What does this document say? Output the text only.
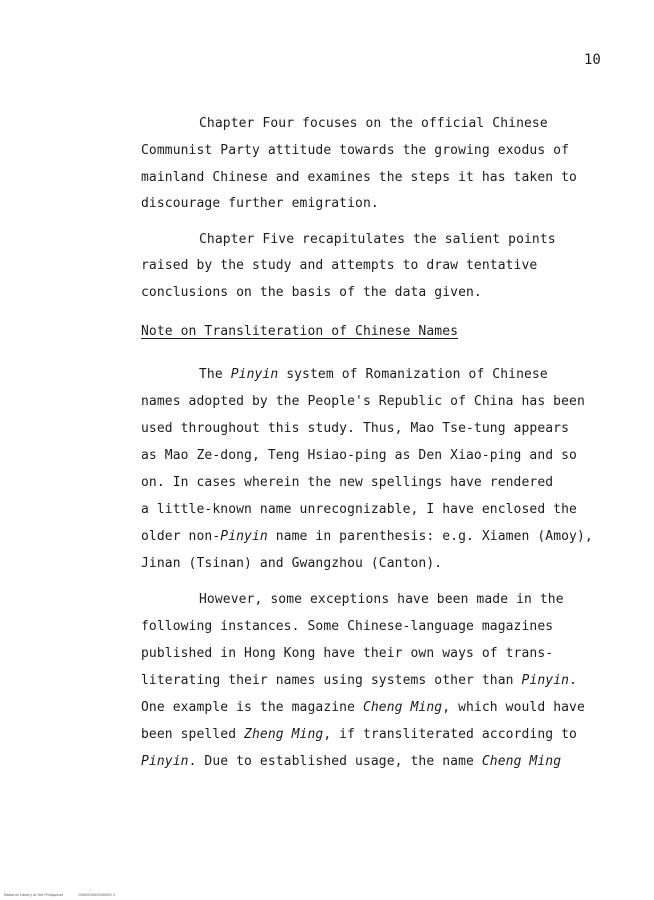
10
Chapter Four focuses on the official Chinese
Communist Party attitude towards the growing exodus of
mainland Chinese and examines the steps it has taken to
discourage further emigration.
Chapter Five recapitulates the salient points
raised by the study and attempts to draw tentative
conclusions on the basis of the data given.
Note on Transliteration of Chinese Names
The Pinyin system of Romanization of Chinese
names adopted by the People's Republic of China has been
used throughout this study. Thus, Mao Tse-tung appears
as Mao Ze-dong, Teng Hsiao-ping as Den Xiao-ping and so
on. In cases wherein the new spellings have rendered
a little-known name unrecognizable, I have enclosed the
older non-Pinyin name in parenthesis: e.g. Xiamen (Amoy),
Jinan (Tsinan) and Gwangzhou (Canton).
However, some exceptions have been made in the
following instances. Some Chinese-language magazines
published in Hong Kong have their own ways of trans-
literating their names using systems other than Pinyin.
One example is the magazine Cheng Ming, which would have
been spelled Zheng Ming, if transliterated according to
Pinyin. Due to established usage, the name Cheng Ming
National Library of the Philippines	000000000000000 ll
